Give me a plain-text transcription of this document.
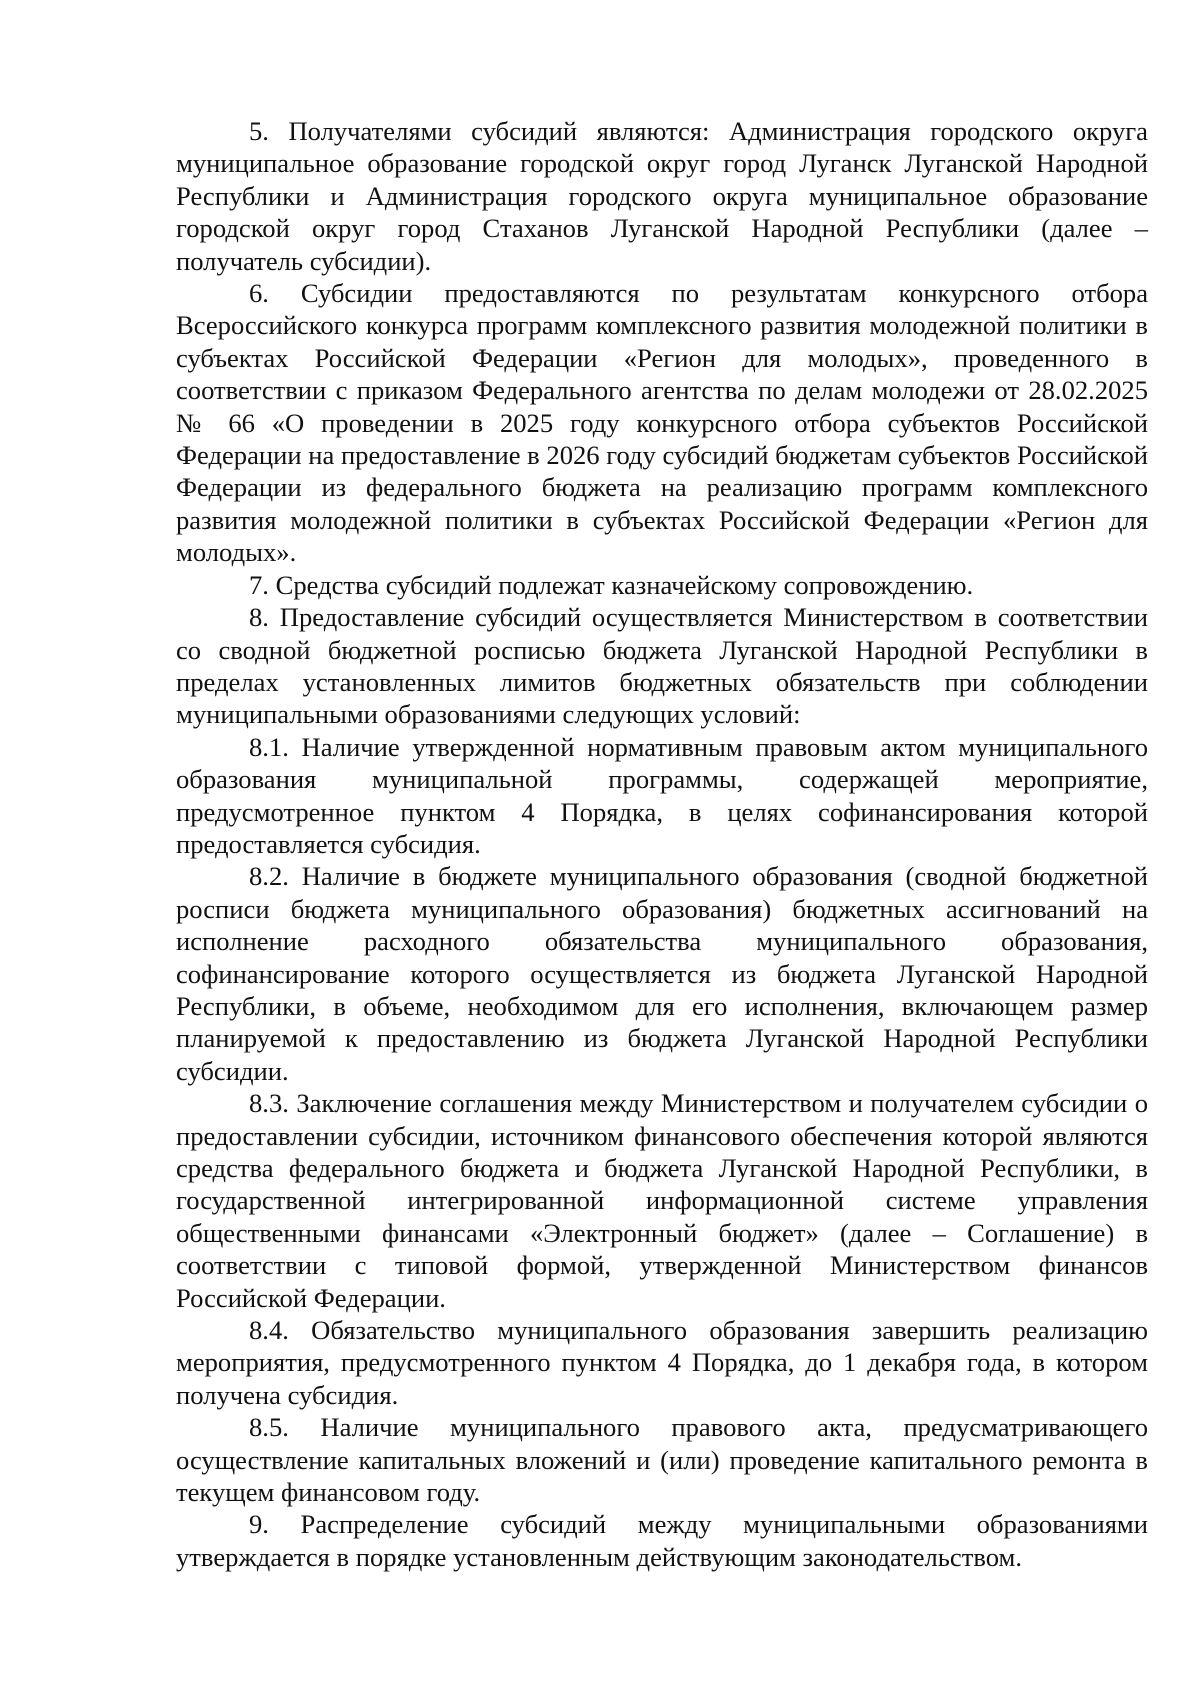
5. Получателями субсидий являются: Администрация городского округа муниципальное образование городской округ город Луганск Луганской Народной Республики и Администрация городского округа муниципальное образование городской округ город Стаханов Луганской Народной Республики (далее – получатель субсидии).

6. Субсидии предоставляются по результатам конкурсного отбора Всероссийского конкурса программ комплексного развития молодежной политики в субъектах Российской Федерации «Регион для молодых», проведенного в соответствии с приказом Федерального агентства по делам молодежи от 28.02.2025 № 66 «О проведении в 2025 году конкурсного отбора субъектов Российской Федерации на предоставление в 2026 году субсидий бюджетам субъектов Российской Федерации из федерального бюджета на реализацию программ комплексного развития молодежной политики в субъектах Российской Федерации «Регион для молодых».

7. Средства субсидий подлежат казначейскому сопровождению.

8. Предоставление субсидий осуществляется Министерством в соответствии со сводной бюджетной росписью бюджета Луганской Народной Республики в пределах установленных лимитов бюджетных обязательств при соблюдении муниципальными образованиями следующих условий:

8.1. Наличие утвержденной нормативным правовым актом муниципального образования муниципальной программы, содержащей мероприятие, предусмотренное пунктом 4 Порядка, в целях софинансирования которой предоставляется субсидия.

8.2. Наличие в бюджете муниципального образования (сводной бюджетной росписи бюджета муниципального образования) бюджетных ассигнований на исполнение расходного обязательства муниципального образования, софинансирование которого осуществляется из бюджета Луганской Народной Республики, в объеме, необходимом для его исполнения, включающем размер планируемой к предоставлению из бюджета Луганской Народной Республики субсидии.

8.3. Заключение соглашения между Министерством и получателем субсидии о предоставлении субсидии, источником финансового обеспечения которой являются средства федерального бюджета и бюджета Луганской Народной Республики, в государственной интегрированной информационной системе управления общественными финансами «Электронный бюджет» (далее – Соглашение) в соответствии с типовой формой, утвержденной Министерством финансов Российской Федерации.

8.4. Обязательство муниципального образования завершить реализацию мероприятия, предусмотренного пунктом 4 Порядка, до 1 декабря года, в котором получена субсидия.

8.5. Наличие муниципального правового акта, предусматривающего осуществление капитальных вложений и (или) проведение капитального ремонта в текущем финансовом году.

9. Распределение субсидий между муниципальными образованиями утверждается в порядке установленным действующим законодательством.
